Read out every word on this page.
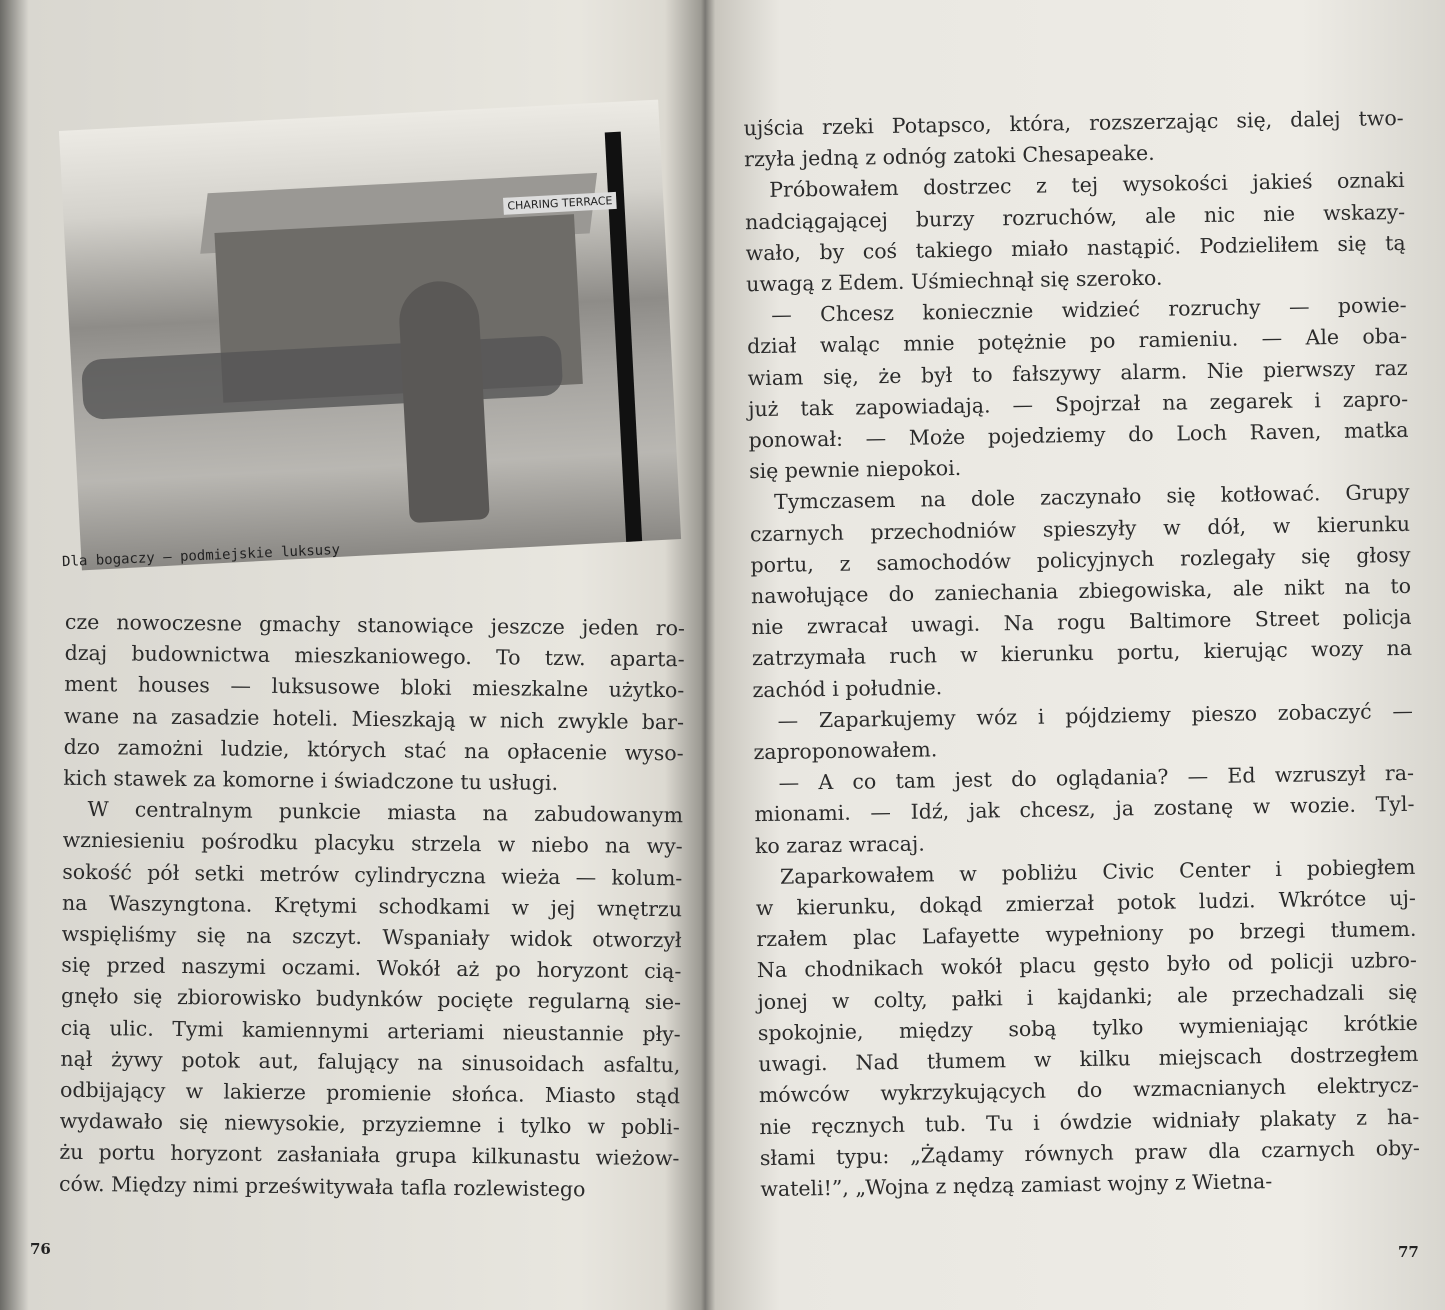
CHARING TERRACE
Dla bogaczy — podmiejskie luksusy
cze nowoczesne gmachy stanowiące jeszcze jeden ro-
dzaj budownictwa mieszkaniowego. To tzw. aparta-
ment houses — luksusowe bloki mieszkalne użytko-
wane na zasadzie hoteli. Mieszkają w nich zwykle bar-
dzo zamożni ludzie, których stać na opłacenie wyso-
kich stawek za komorne i świadczone tu usługi.
W centralnym punkcie miasta na zabudowanym
wzniesieniu pośrodku placyku strzela w niebo na wy-
sokość pół setki metrów cylindryczna wieża — kolum-
na Waszyngtona. Krętymi schodkami w jej wnętrzu
wspięliśmy się na szczyt. Wspaniały widok otworzył
się przed naszymi oczami. Wokół aż po horyzont cią-
gnęło się zbiorowisko budynków pocięte regularną sie-
cią ulic. Tymi kamiennymi arteriami nieustannie pły-
nął żywy potok aut, falujący na sinusoidach asfaltu,
odbijający w lakierze promienie słońca. Miasto stąd
wydawało się niewysokie, przyziemne i tylko w pobli-
żu portu horyzont zasłaniała grupa kilkunastu wieżow-
ców. Między nimi prześwitywała tafla rozlewistego
ujścia rzeki Potapsco, która, rozszerzając się, dalej two-
rzyła jedną z odnóg zatoki Chesapeake.
Próbowałem dostrzec z tej wysokości jakieś oznaki
nadciągającej burzy rozruchów, ale nic nie wskazy-
wało, by coś takiego miało nastąpić. Podzieliłem się tą
uwagą z Edem. Uśmiechnął się szeroko.
— Chcesz koniecznie widzieć rozruchy — powie-
dział waląc mnie potężnie po ramieniu. — Ale oba-
wiam się, że był to fałszywy alarm. Nie pierwszy raz
już tak zapowiadają. — Spojrzał na zegarek i zapro-
ponował: — Może pojedziemy do Loch Raven, matka
się pewnie niepokoi.
Tymczasem na dole zaczynało się kotłować. Grupy
czarnych przechodniów spieszyły w dół, w kierunku
portu, z samochodów policyjnych rozlegały się głosy
nawołujące do zaniechania zbiegowiska, ale nikt na to
nie zwracał uwagi. Na rogu Baltimore Street policja
zatrzymała ruch w kierunku portu, kierując wozy na
zachód i południe.
— Zaparkujemy wóz i pójdziemy pieszo zobaczyć —
zaproponowałem.
— A co tam jest do oglądania? — Ed wzruszył ra-
mionami. — Idź, jak chcesz, ja zostanę w wozie. Tyl-
ko zaraz wracaj.
Zaparkowałem w pobliżu Civic Center i pobiegłem
w kierunku, dokąd zmierzał potok ludzi. Wkrótce uj-
rzałem plac Lafayette wypełniony po brzegi tłumem.
Na chodnikach wokół placu gęsto było od policji uzbro-
jonej w colty, pałki i kajdanki; ale przechadzali się
spokojnie, między sobą tylko wymieniając krótkie
uwagi. Nad tłumem w kilku miejscach dostrzegłem
mówców wykrzykujących do wzmacnianych elektrycz-
nie ręcznych tub. Tu i ówdzie widniały plakaty z ha-
słami typu: „Żądamy równych praw dla czarnych oby-
wateli!”, „Wojna z nędzą zamiast wojny z Wietna-
76	77
